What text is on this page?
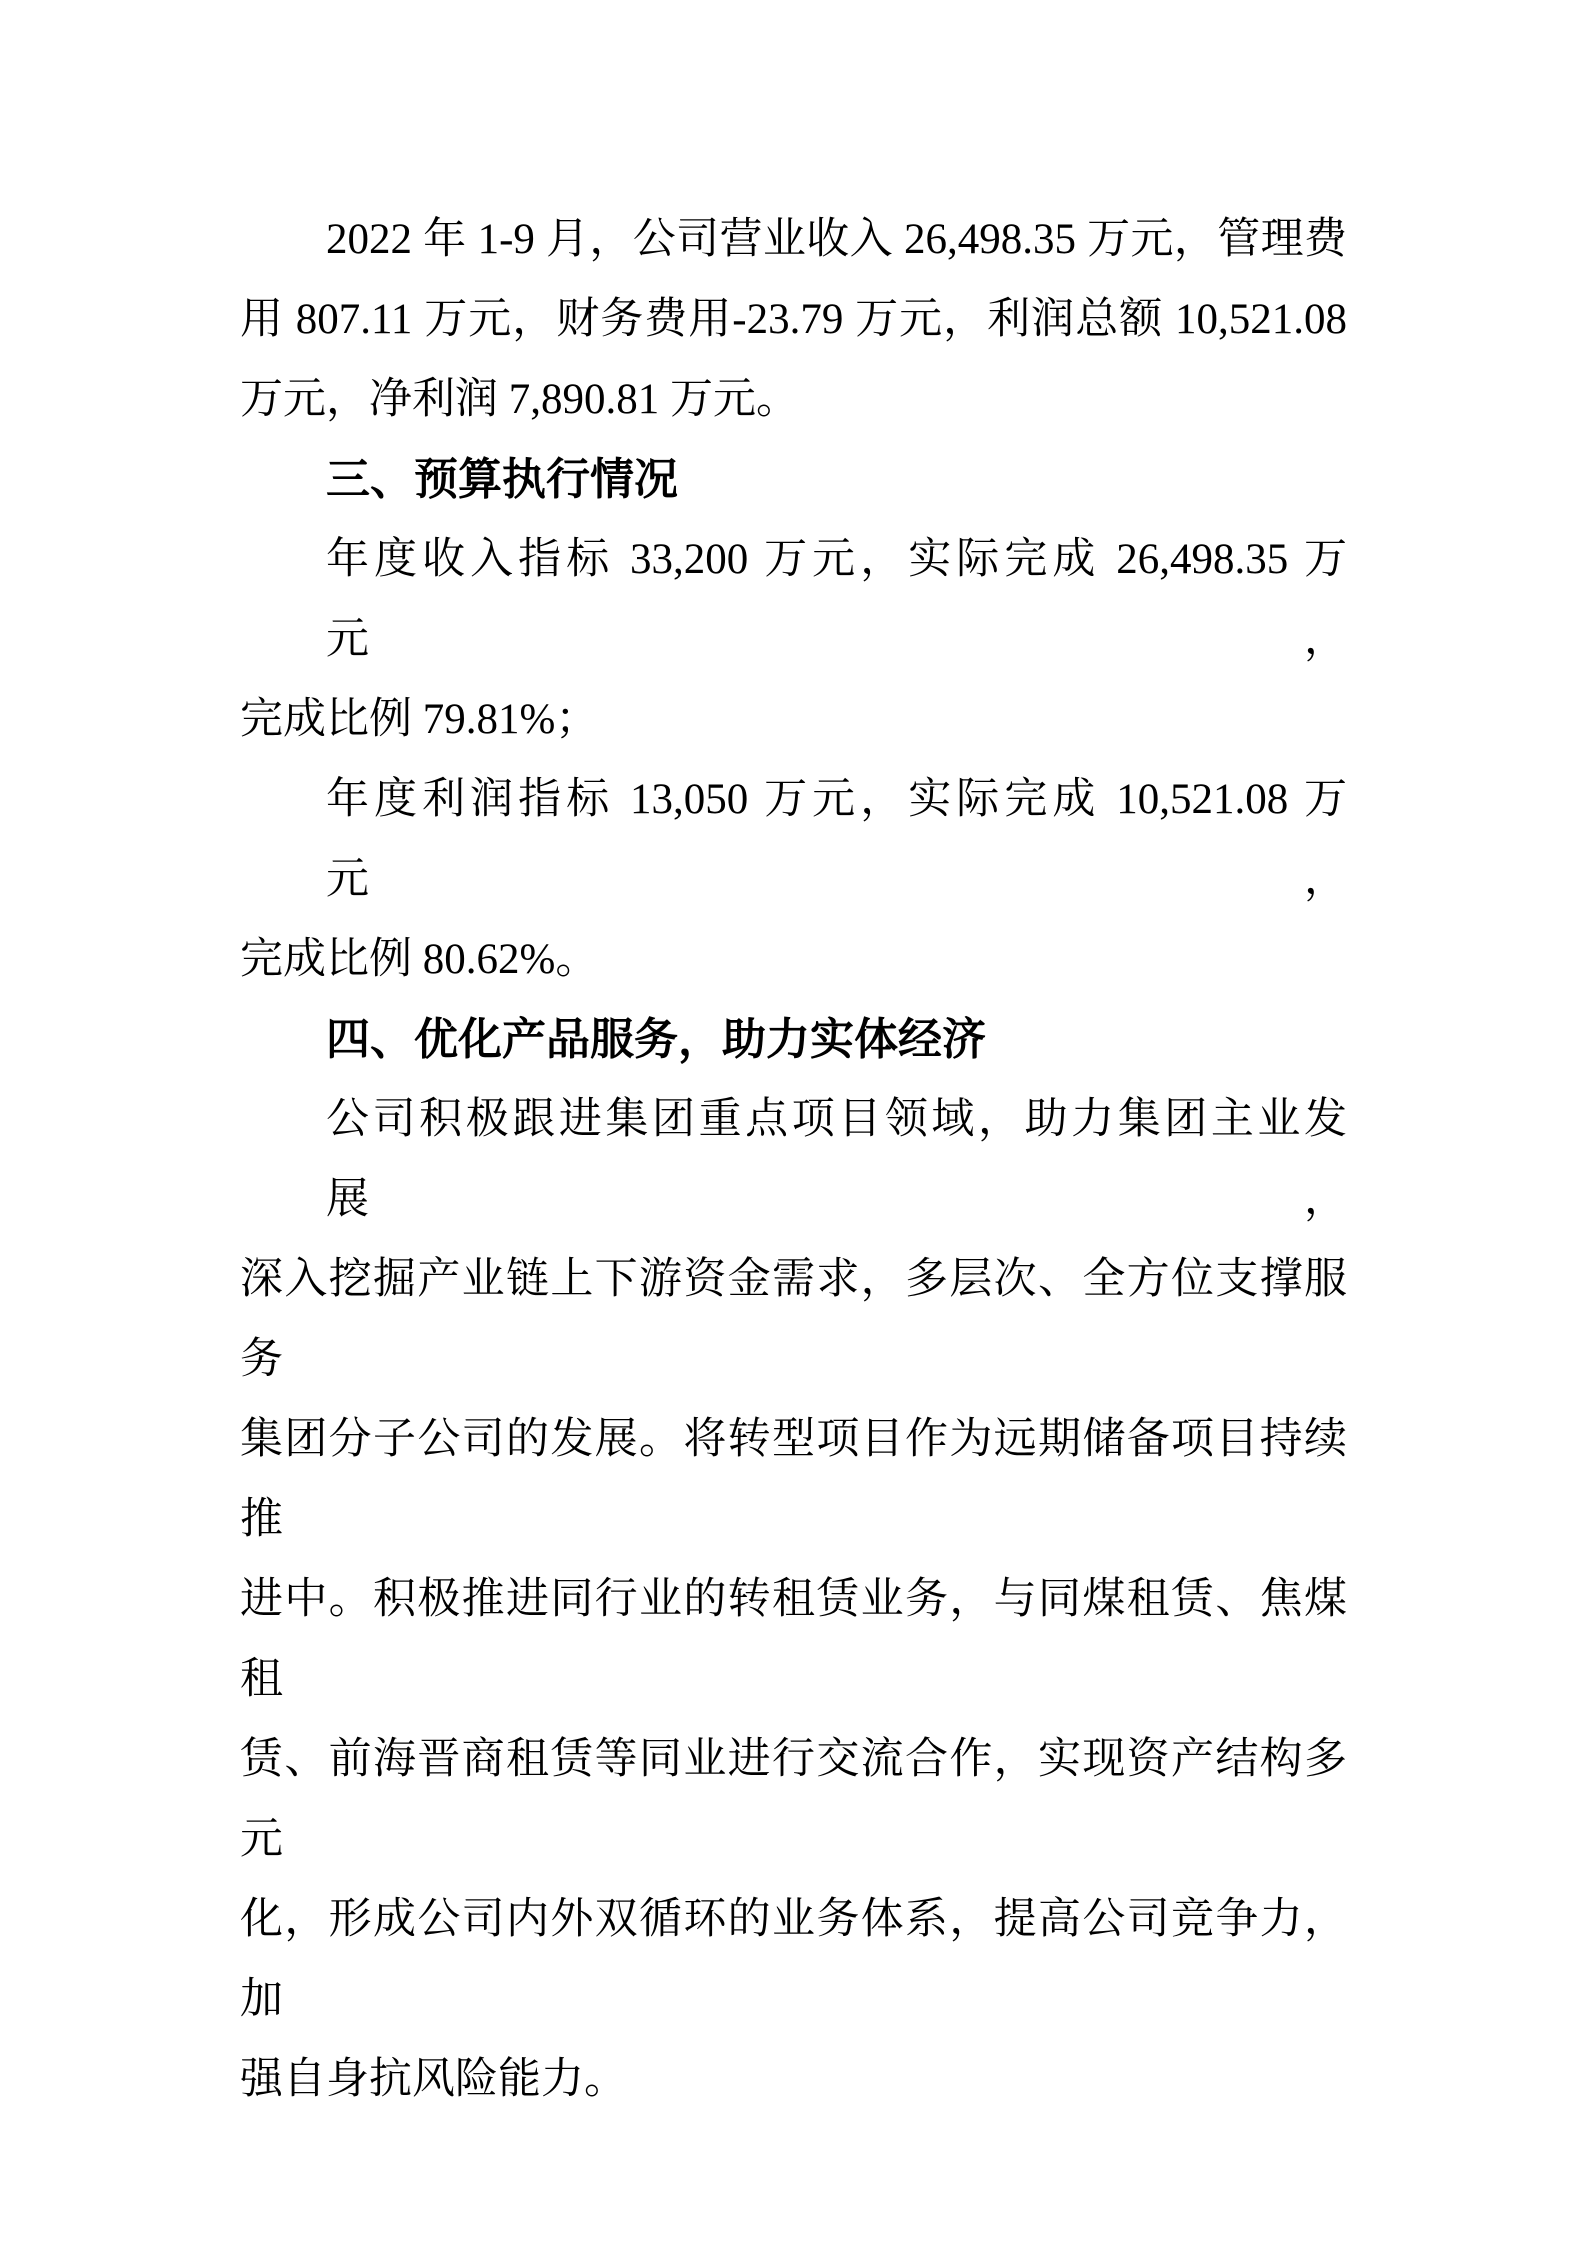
2022 年 1-9 月，公司营业收入 26,498.35 万元，管理费
用 807.11 万元，财务费用-23.79 万元，利润总额 10,521.08
万元，净利润 7,890.81 万元。
三、预算执行情况
年度收入指标 33,200 万元，实际完成 26,498.35 万元，
完成比例 79.81%；
年度利润指标 13,050 万元，实际完成 10,521.08 万元，
完成比例 80.62%。
四、优化产品服务，助力实体经济
公司积极跟进集团重点项目领域，助力集团主业发展，
深入挖掘产业链上下游资金需求，多层次、全方位支撑服务
集团分子公司的发展。将转型项目作为远期储备项目持续推
进中。积极推进同行业的转租赁业务，与同煤租赁、焦煤租
赁、前海晋商租赁等同业进行交流合作，实现资产结构多元
化，形成公司内外双循环的业务体系，提高公司竞争力，加
强自身抗风险能力。
